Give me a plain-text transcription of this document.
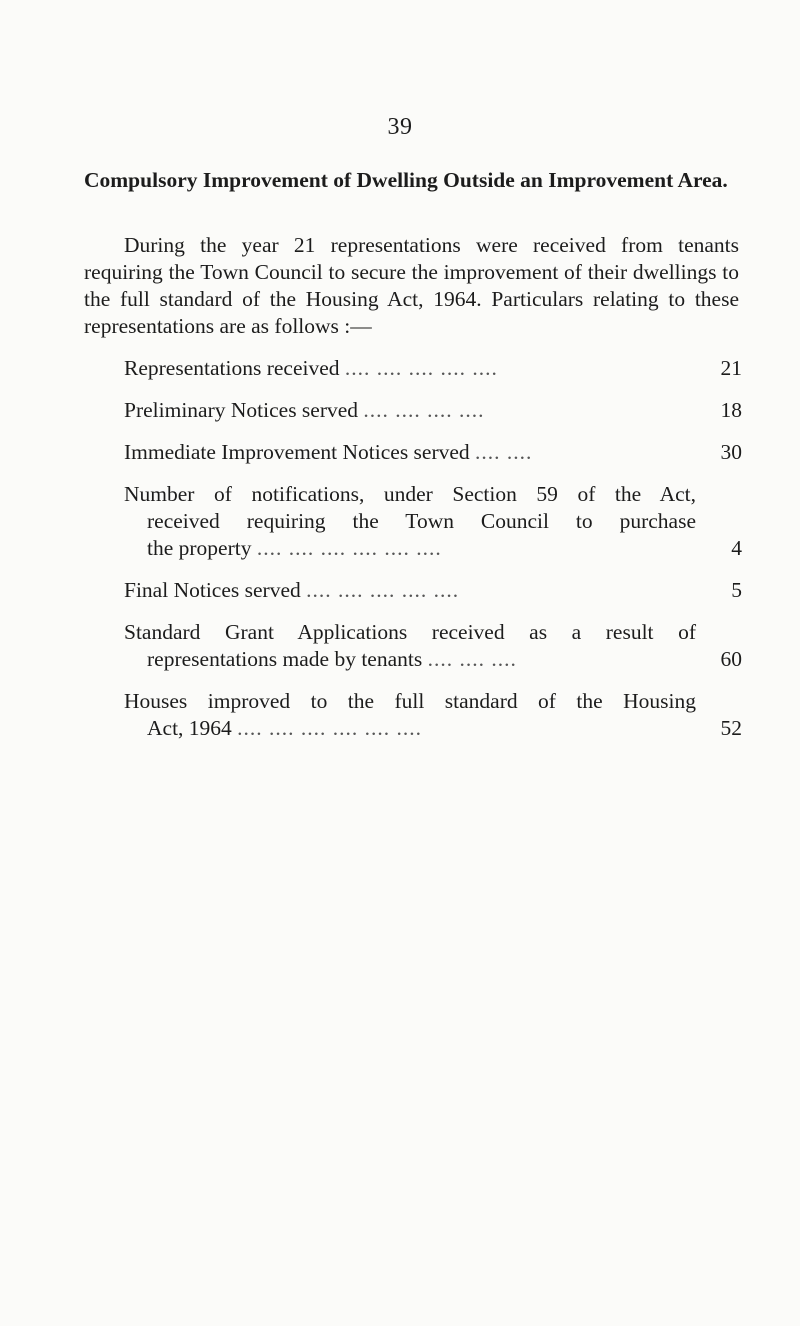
39
Compulsory Improvement of Dwelling Outside an Improvement Area.

During the year 21 representations were received from tenants requiring the Town Council to secure the improvement of their dwellings to the full standard of the Housing Act, 1964. Particulars relating to these representations are as follows :—

Representations received .... .... .... .... ....	21
Preliminary Notices served .... .... .... ....	18
Immediate Improvement Notices served .... ....	30
Number of notifications, under Section 59 of the Act,
received requiring the Town Council to purchase
the property .... .... .... .... .... ....	4
Final Notices served .... .... .... .... ....	5
Standard Grant Applications received as a result of
representations made by tenants .... .... ....	60
Houses improved to the full standard of the Housing
Act, 1964 .... .... .... .... .... ....	52
